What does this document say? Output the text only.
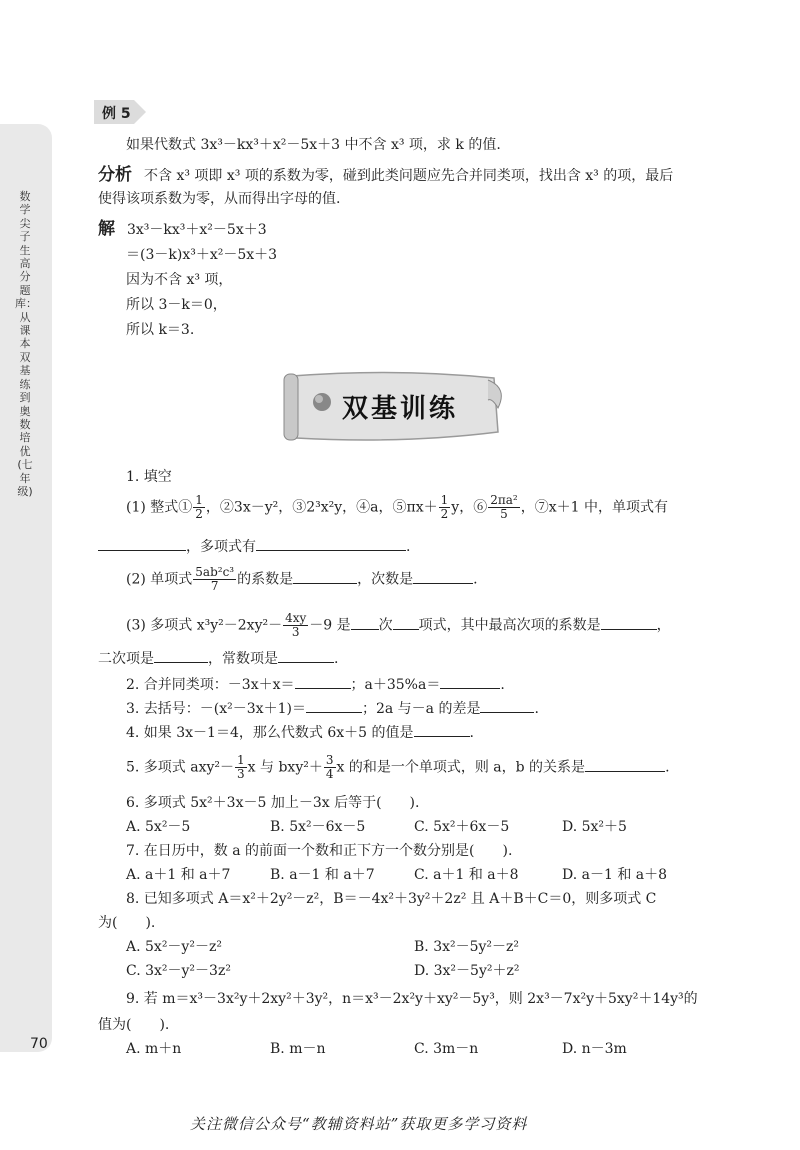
数学尖子生高分题库：从课本双基练到奥数培优(七年级)
70
例 5
如果代数式 3x³－kx³＋x²－5x＋3 中不含 x³ 项，求 k 的值.
分析 不含 x³ 项即 x³ 项的系数为零，碰到此类问题应先合并同类项，找出含 x³ 的项，最后
使得该项系数为零，从而得出字母的值.
解 3x³－kx³＋x²－5x＋3
＝(3－k)x³＋x²－5x＋3
因为不含 x³ 项，
所以 3－k＝0，
所以 k＝3.
双基训练
1. 填空
(1) 整式① $\frac{1}{2}$ ，②3x－y²，③2³x²y，④a，⑤πx＋ $\frac{1}{2}$ y，⑥ $\frac{\text{2πa²}}{5}$ ，⑦x＋1 中，单项式有
，多项式有	.
(2) 单项式 $\frac{\text{5ab²c³}}{7}$ 的系数是	，次数是	.
(3) 多项式 $x^3y^2-2xy^2- \frac{4xy}{3} -9$ 是 次 项式，其中最高次项的系数是	，
二次项是	，常数项是	.
2. 合并同类项：－3x＋x＝	；a＋35%a＝	.
3. 去括号：－(x²－3x＋1)＝	；2a 与－a 的差是	.
4. 如果 3x－1＝4，那么代数式 6x＋5 的值是	.
5. 多项式 $axy^2- \frac{1}{3}$ x 与 $bxy^2+ \frac{3}{4}$ x 的和是一个单项式，则 a，b 的关系是	.
6. 多项式 5x²＋3x－5 加上－3x 后等于(　　).
A. 5x²－5	B. 5x²－6x－5	C. 5x²＋6x－5	D. 5x²＋5
7. 在日历中，数 a 的前面一个数和正下方一个数分别是(　　).
A. a＋1 和 a＋7	B. a－1 和 a＋7	C. a＋1 和 a＋8	D. a－1 和 a＋8
8. 已知多项式 A＝x²＋2y²－z²，B＝－4x²＋3y²＋2z² 且 A＋B＋C＝0，则多项式 C
为(　　).
A. 5x²－y²－z²	B. 3x²－5y²－z²
C. 3x²－y²－3z²	D. 3x²－5y²＋z²
9. 若 m＝x³－3x²y＋2xy²＋3y²，n＝x³－2x²y＋xy²－5y³，则 2x³－7x²y＋5xy²＋14y³的
值为(　　).
A. m＋n	B. m－n	C. 3m－n	D. n－3m
关注微信公众号“教辅资料站”获取更多学习资料
